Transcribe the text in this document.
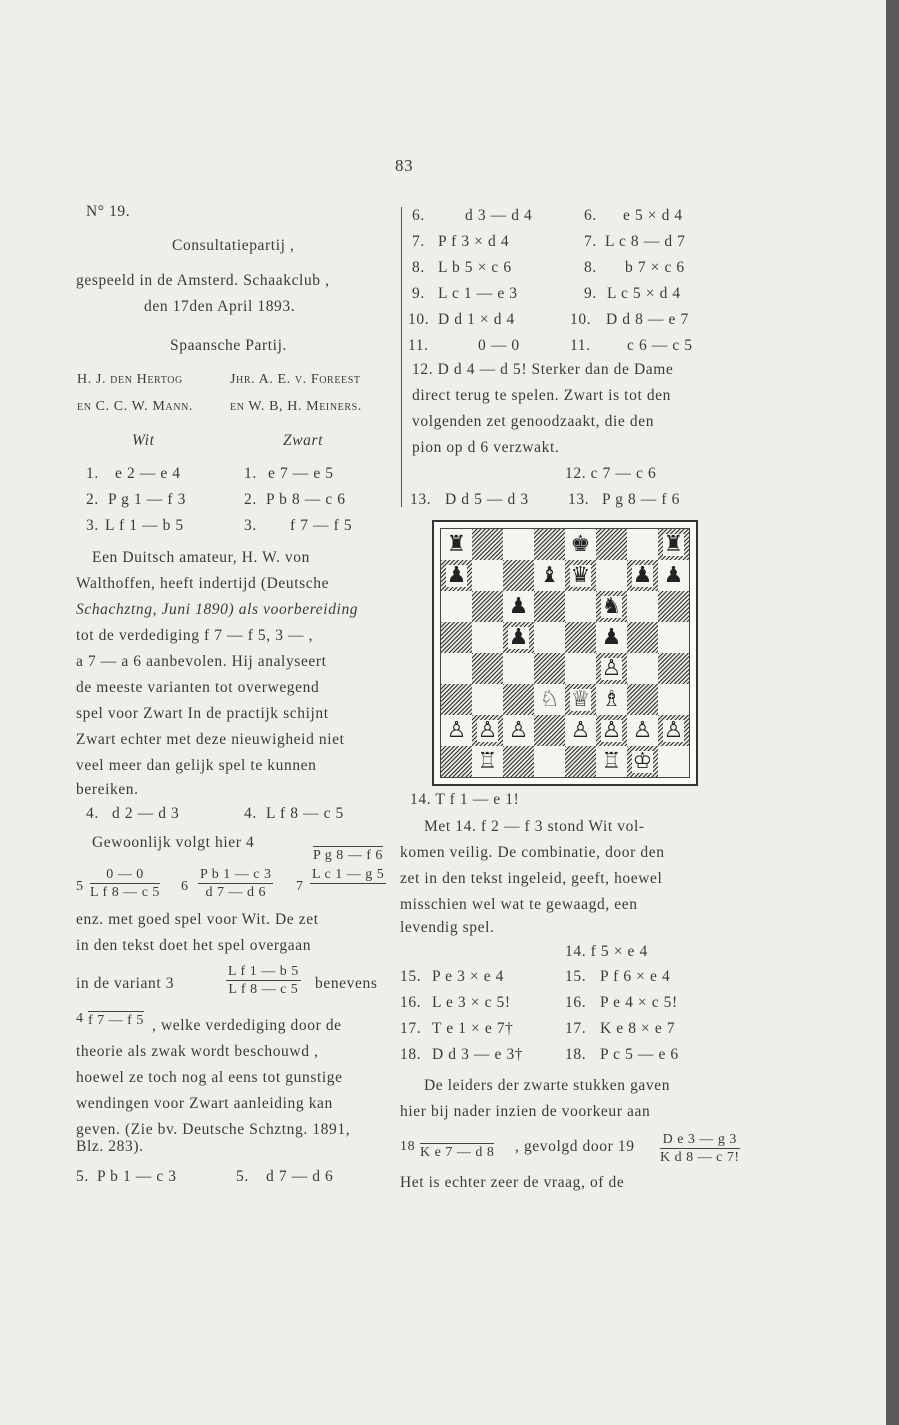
83
N° 19.
Consultatiepartij ,
gespeeld in de Amsterd. Schaakclub ,
den 17den April 1893.
Spaansche Partij.
H. J. den Hertog
en C. C. W. Mann.
Jhr. A. E. v. Foreest
en W. B, H. Meiners.
Wit	Zwart
1. e 2 — e 4	1. e 7 — e 5
2. P g 1 — f 3	2. P b 8 — c 6
3. L f 1 — b 5	3. f 7 — f 5
Een Duitsch amateur, H. W. von
Walthoffen, heeft indertijd (Deutsche
Schachztng, Juni 1890) als voorbereiding
tot de verdediging f 7 — f 5, 3 — ,
a 7 — a 6 aanbevolen. Hij analyseert
de meeste varianten tot overwegend
spel voor Zwart In de practijk schijnt
Zwart echter met deze nieuwigheid niet
veel meer dan gelijk spel te kunnen
bereiken.
4. d 2 — d 3	4. L f 8 — c 5
Gewoonlijk volgt hier 4
P g 8 — f 6
$5 \frac{0 — 0}{\text{L f 8 — c 5}} 6 \frac{\text{P b 1 — c 3}}{d 7 — d 6} 7$
L c 1 — g 5
enz. met goed spel voor Wit. De zet
in den tekst doet het spel overgaan
in de variant 3	$\frac{\text{L f 1 — b 5}}{\text{L f 8 — c 5}}$ benevens
4 f 7 — f 5 , welke verdediging door de
theorie als zwak wordt beschouwd ,
hoewel ze toch nog al eens tot gunstige
wendingen voor Zwart aanleiding kan
geven. (Zie bv. Deutsche Schztng. 1891,
Blz. 283).
5. P b 1 — c 3	5. d 7 — d 6
6.	d 3 — d 4	6. e 5 × d 4
7. P f 3 × d 4	7. L c 8 — d 7
8. L b 5 × c 6	8. b 7 × c 6
9. L c 1 — e 3	9. L c 5 × d 4
10. D d 1 × d 4	10. D d 8 — e 7
11.	0 — 0	11. c 6 — c 5
12. D d 4 — d 5! Sterker dan de Dame
direct terug te spelen. Zwart is tot den
volgenden zet genoodzaakt, die den
pion op d 6 verzwakt.
12. c 7 — c 6
13. D d 5 — d 3	13. P g 8 — f 6
♜	♚	♜
♟	♝ ♛ ♟ ♟
♟	♞
♟	♟
♙
♘ ♕ ♗
♙ ♙ ♙ ♙ ♙ ♙ ♙
♖	♖ ♔
14. T f 1 — e 1!
Met 14. f 2 — f 3 stond Wit vol-
komen veilig. De combinatie, door den
zet in den tekst ingeleid, geeft, hoewel
misschien wel wat te gewaagd, een
levendig spel.
14. f 5 × e 4
15. P e 3 × e 4	15. P f 6 × e 4
16. L e 3 × c 5!	16. P e 4 × c 5!
17. T e 1 × e 7†	17. K e 8 × e 7
18. D d 3 — e 3†	18. P c 5 — e 6
De leiders der zwarte stukken gaven
hier bij nader inzien de voorkeur aan
18 K e 7 — d 8 , gevolgd door $19 \frac{\text{D e 3 — g 3}}{\text{K d 8 — c 7!}}$
Het is echter zeer de vraag, of de
